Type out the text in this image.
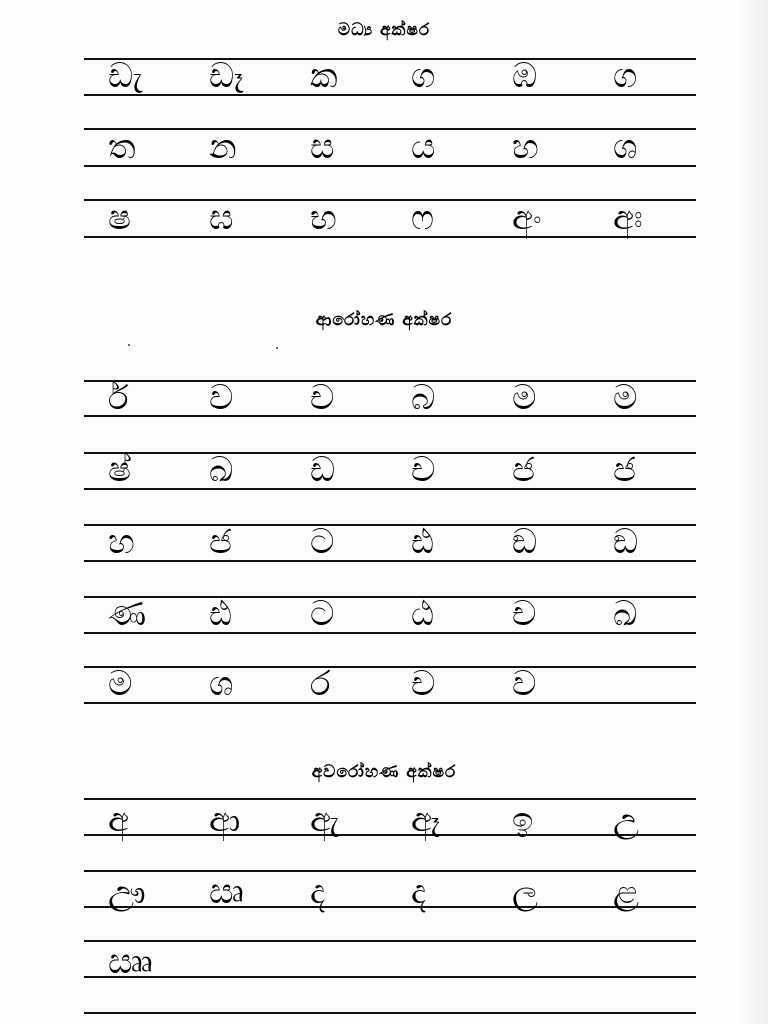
මධ්‍ය අක්ෂර
ඩැ	ඩෑ	ක	ග	ඹ	ග
ත	න	ස	ය	හ	ශ
ෂ	ඝ	භ	ෆ	අං	අඃ
ආරෝහණ අක්ෂර
ර්	ව	ච	බ	ම	ම
ෂ්	ඛ	ඩ	ච	ජ	ජ
හ	ජ	ට	ඪ	ඞ	ඞ
ණ	ඪ	ට	ඨ	ච	ඛ
ම	ශ	ර	ච	ව
අවරෝහණ අක්ෂර
අ	ආ	ඇ	ඈ	ඉ	උ
ඌ	ඍ	ද	ද	ල	ළ
ඎ
